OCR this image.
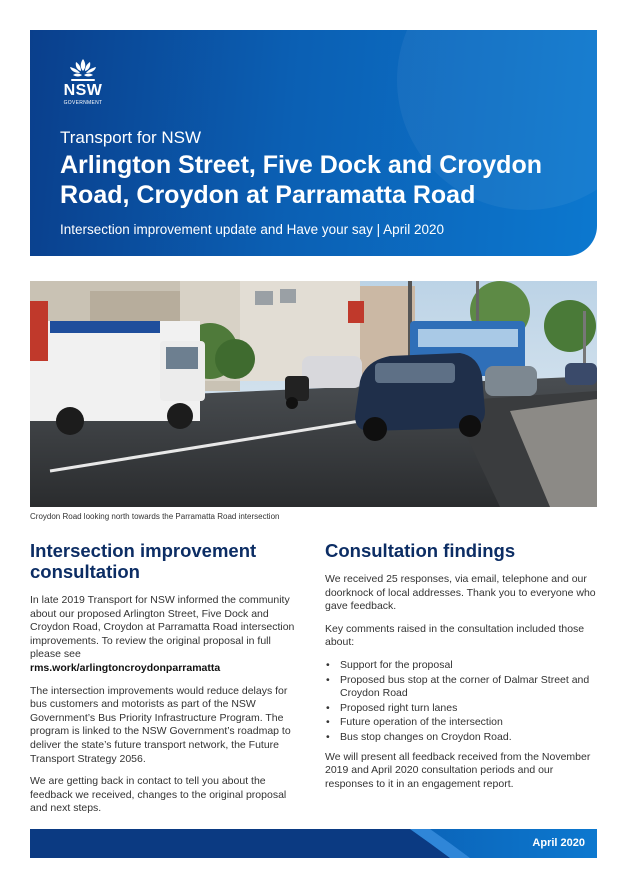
NSW
GOVERNMENT
Transport for NSW
Arlington Street, Five Dock and Croydon Road, Croydon at Parramatta Road
Intersection improvement update and Have your say | April 2020
Croydon Road looking north towards the Parramatta Road intersection
Intersection improvement consultation

In late 2019 Transport for NSW informed the community about our proposed Arlington Street, Five Dock and Croydon Road, Croydon at Parramatta Road intersection improvements. To review the original proposal in full please see

rms.work/arlingtoncroydonparramatta

The intersection improvements would reduce delays for bus customers and motorists as part of the NSW Government’s Bus Priority Infrastructure Program. The program is linked to the NSW Government’s roadmap to deliver the state’s future transport network, the Future Transport Strategy 2056.

We are getting back in contact to tell you about the feedback we received, changes to the original proposal and next steps.

Consultation findings

We received 25 responses, via email, telephone and our doorknock of local addresses. Thank you to everyone who gave feedback.

Key comments raised in the consultation included those about:

• Support for the proposal
• Proposed bus stop at the corner of Dalmar Street and Croydon Road
• Proposed right turn lanes
• Future operation of the intersection
• Bus stop changes on Croydon Road.

We will present all feedback received from the November 2019 and April 2020 consultation periods and our responses to it in an engagement report.

April 2020
